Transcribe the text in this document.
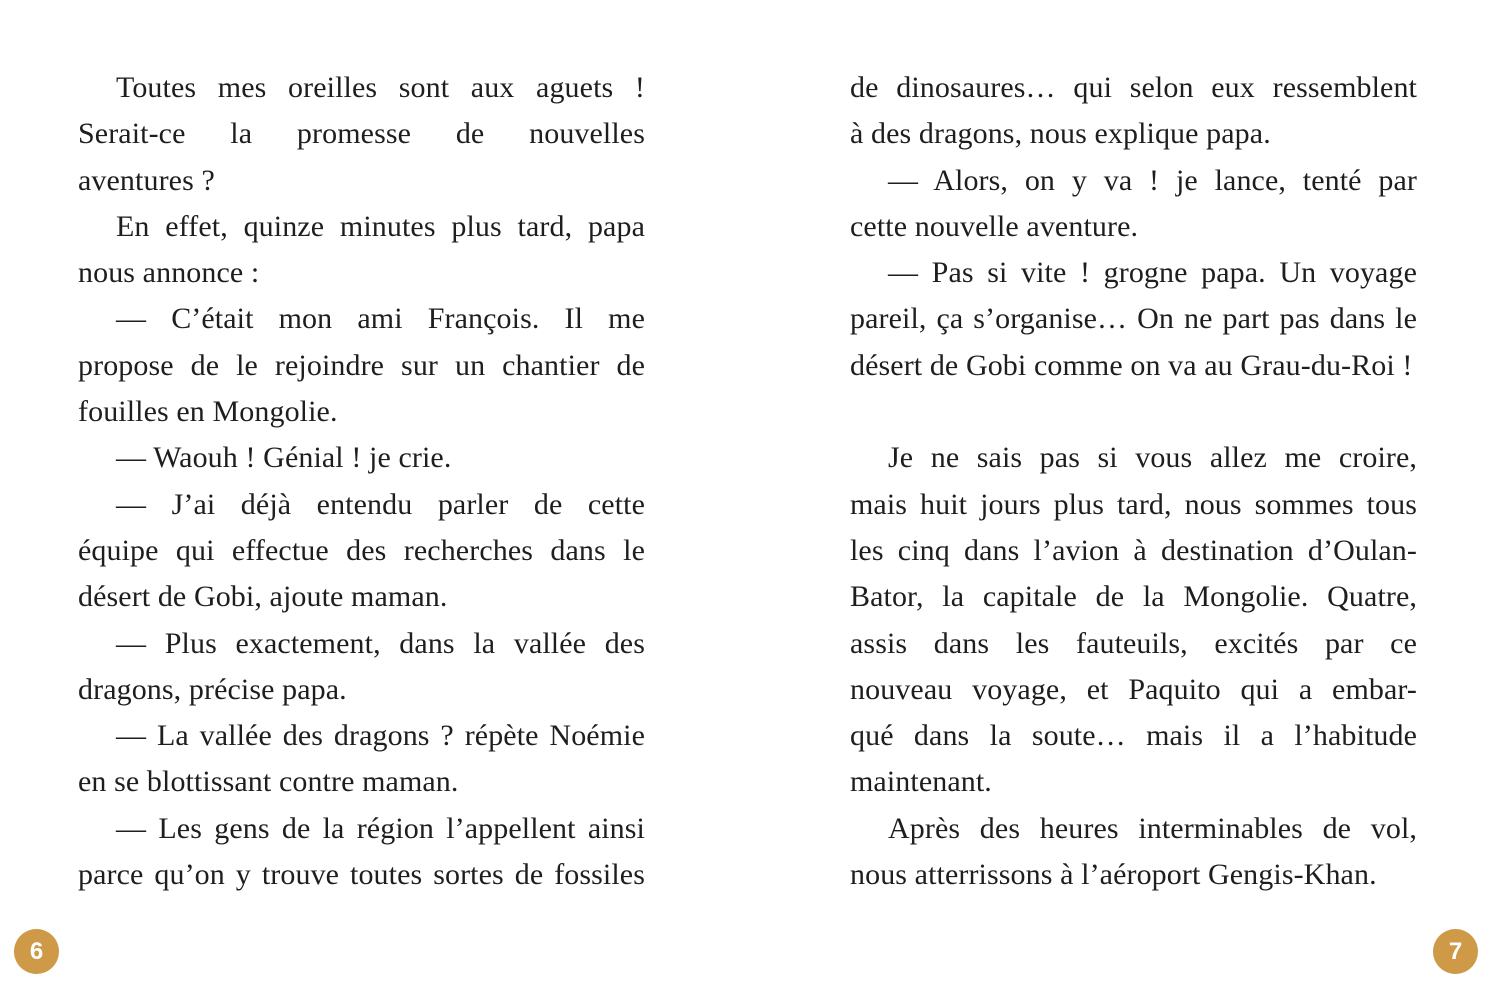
Toutes mes oreilles sont aux aguets !
Serait-ce la promesse de nouvelles
aventures ?
En effet, quinze minutes plus tard, papa
nous annonce :
— C’était mon ami François. Il me
propose de le rejoindre sur un chantier de
fouilles en Mongolie.
— Waouh ! Génial ! je crie.
— J’ai déjà entendu parler de cette
équipe qui effectue des recherches dans le
désert de Gobi, ajoute maman.
— Plus exactement, dans la vallée des
dragons, précise papa.
— La vallée des dragons ? répète Noémie
en se blottissant contre maman.
— Les gens de la région l’appellent ainsi
parce qu’on y trouve toutes sortes de fossiles
de dinosaures… qui selon eux ressemblent
à des dragons, nous explique papa.
— Alors, on y va ! je lance, tenté par
cette nouvelle aventure.
— Pas si vite ! grogne papa. Un voyage
pareil, ça s’organise… On ne part pas dans le
désert de Gobi comme on va au Grau-du-Roi !
Je ne sais pas si vous allez me croire,
mais huit jours plus tard, nous sommes tous
les cinq dans l’avion à destination d’Oulan-
Bator, la capitale de la Mongolie. Quatre,
assis dans les fauteuils, excités par ce
nouveau voyage, et Paquito qui a embar-
qué dans la soute… mais il a l’habitude
maintenant.
Après des heures interminables de vol,
nous atterrissons à l’aéroport Gengis-Khan.
6	7
